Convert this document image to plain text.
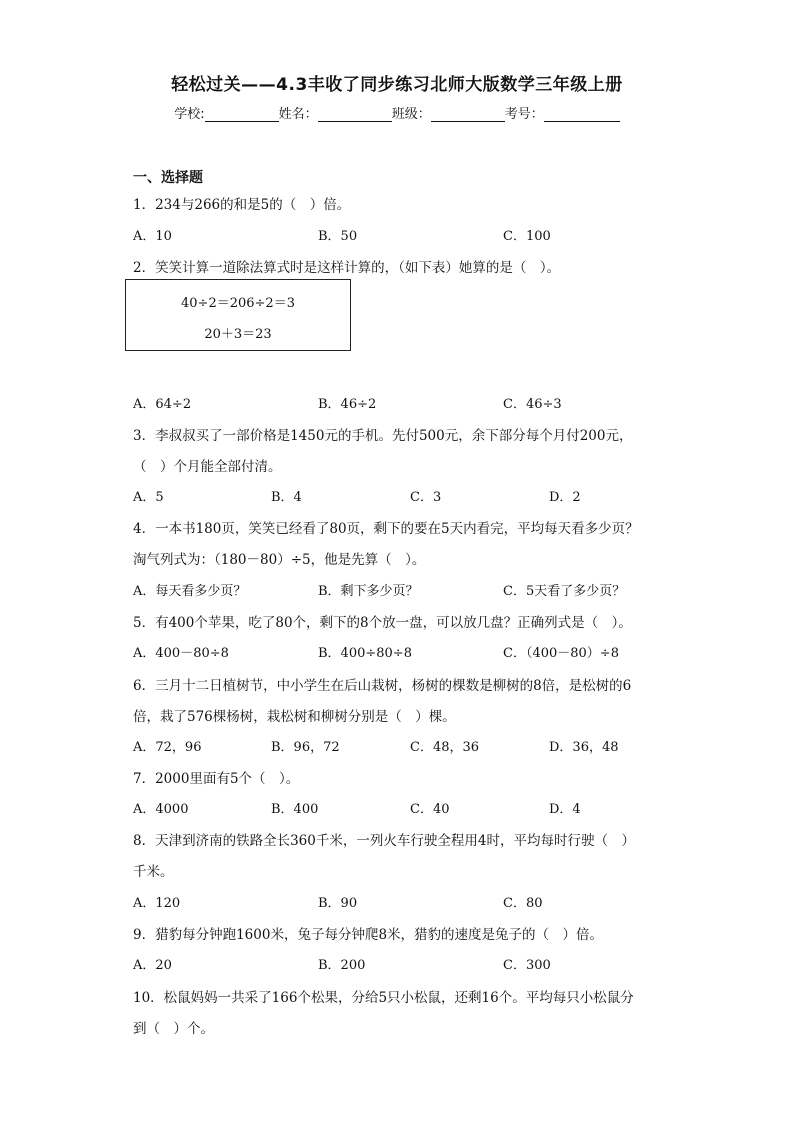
轻松过关——4.3丰收了同步练习北师大版数学三年级上册
学校:	姓名：	班级：	考号：
一、选择题
1．234与266的和是5的（　）倍。
A．10	B．50	C．100
2．笑笑计算一道除法算式时是这样计算的，（如下表）她算的是（　）。
40÷2＝206÷2＝3
20＋3＝23
A．64÷2	B．46÷2	C．46÷3
3．李叔叔买了一部价格是1450元的手机。先付500元，余下部分每个月付200元，
（　）个月能全部付清。
A．5	B．4	C．3	D．2
4．一本书180页，笑笑已经看了80页，剩下的要在5天内看完，平均每天看多少页？
淘气列式为：（180－80）÷5，他是先算（　）。
A．每天看多少页？	B．剩下多少页？	C．5天看了多少页？
5．有400个苹果，吃了80个，剩下的8个放一盘，可以放几盘？正确列式是（　）。
A．400－80÷8	B．400÷80÷8	C．（400－80）÷8
6．三月十二日植树节，中小学生在后山栽树，杨树的棵数是柳树的8倍，是松树的6
倍，栽了576棵杨树，栽松树和柳树分别是（　）棵。
A．72，96	B．96，72	C．48，36	D．36，48
7．2000里面有5个（　）。
A．4000	B．400	C．40	D．4
8．天津到济南的铁路全长360千米，一列火车行驶全程用4时，平均每时行驶（　）
千米。
A．120	B．90	C．80
9．猎豹每分钟跑1600米，兔子每分钟爬8米，猎豹的速度是兔子的（　）倍。
A．20	B．200	C．300
10．松鼠妈妈一共采了166个松果，分给5只小松鼠，还剩16个。平均每只小松鼠分
到（　）个。
